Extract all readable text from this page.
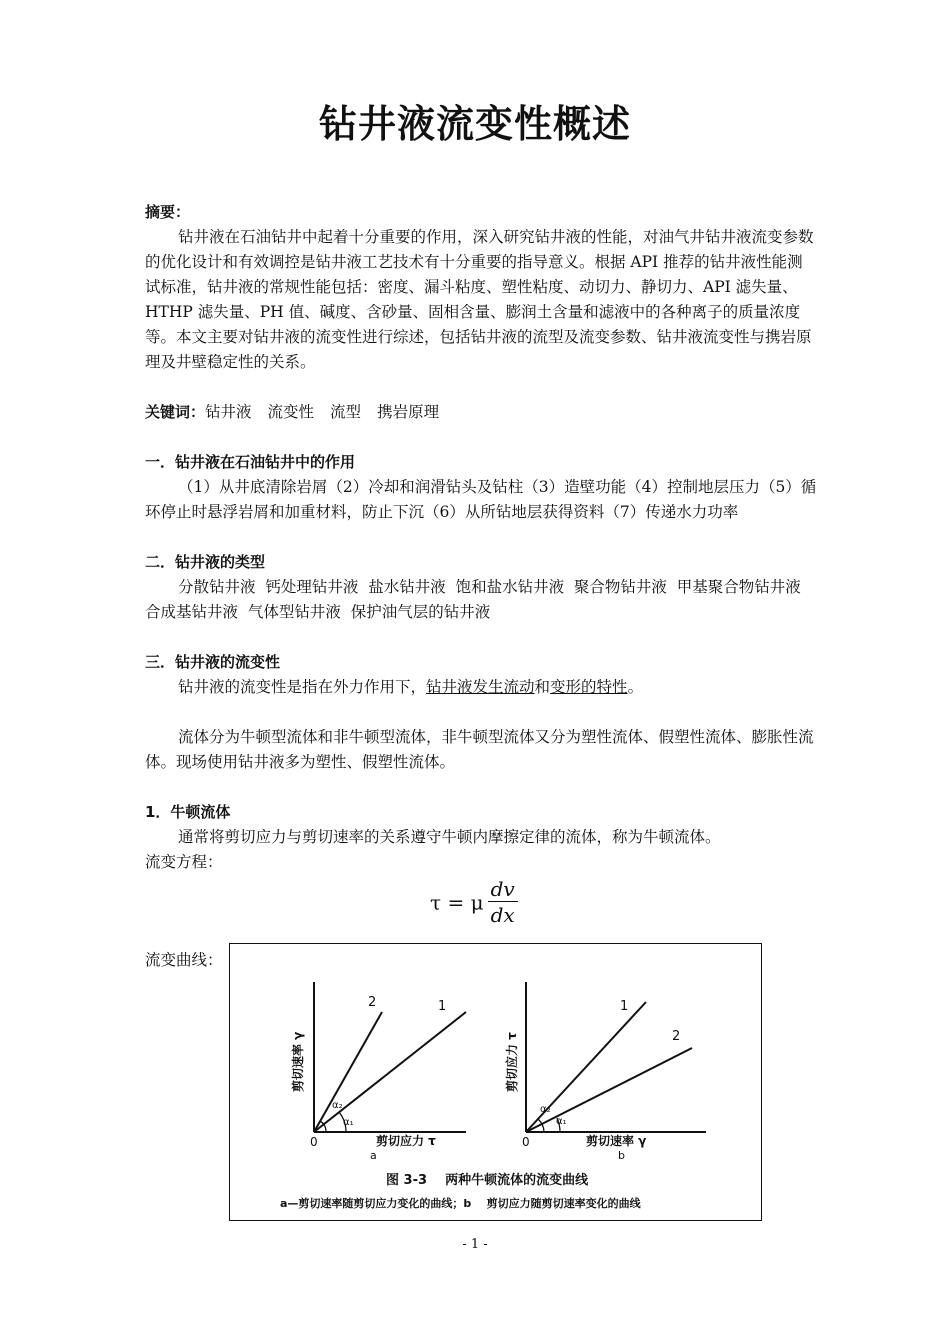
钻井液流变性概述

摘要：

钻井液在石油钻井中起着十分重要的作用，深入研究钻井液的性能，对油气井钻井液流变参数的优化设计和有效调控是钻井液工艺技术有十分重要的指导意义。根据 API 推荐的钻井液性能测试标准，钻井液的常规性能包括：密度、漏斗粘度、塑性粘度、动切力、静切力、API 滤失量、HTHP 滤失量、PH 值、碱度、含砂量、固相含量、膨润土含量和滤液中的各种离子的质量浓度等。本文主要对钻井液的流变性进行综述，包括钻井液的流型及流变参数、钻井液流变性与携岩原理及井壁稳定性的关系。

关键词：钻井液 流变性 流型 携岩原理

一．钻井液在石油钻井中的作用

（1）从井底清除岩屑（2）冷却和润滑钻头及钻柱（3）造壁功能（4）控制地层压力（5）循环停止时悬浮岩屑和加重材料，防止下沉（6）从所钻地层获得资料（7）传递水力功率

二．钻井液的类型

分散钻井液  钙处理钻井液  盐水钻井液  饱和盐水钻井液  聚合物钻井液  甲基聚合物钻井液  合成基钻井液  气体型钻井液  保护油气层的钻井液

三．钻井液的流变性

钻井液的流变性是指在外力作用下，钻井液发生流动和变形的特性。

流体分为牛顿型流体和非牛顿型流体，非牛顿型流体又分为塑性流体、假塑性流体、膨胀性流体。现场使用钻井液多为塑性、假塑性流体。

1．牛顿流体

通常将剪切应力与剪切速率的关系遵守牛顿内摩擦定律的流体，称为牛顿流体。

流变方程：

τ = μ $\frac{dv}{dx}$
流变曲线：
剪切速率 γ
剪切应力 τ
0
a
2	1
α₁
α₂
剪切应力 τ
剪切速率 γ
0
b
1
2
α₁
α₂
图 3-3    两种牛顿流体的流变曲线
a—剪切速率随剪切应力变化的曲线；b    剪切应力随剪切速率变化的曲线
- 1 -
